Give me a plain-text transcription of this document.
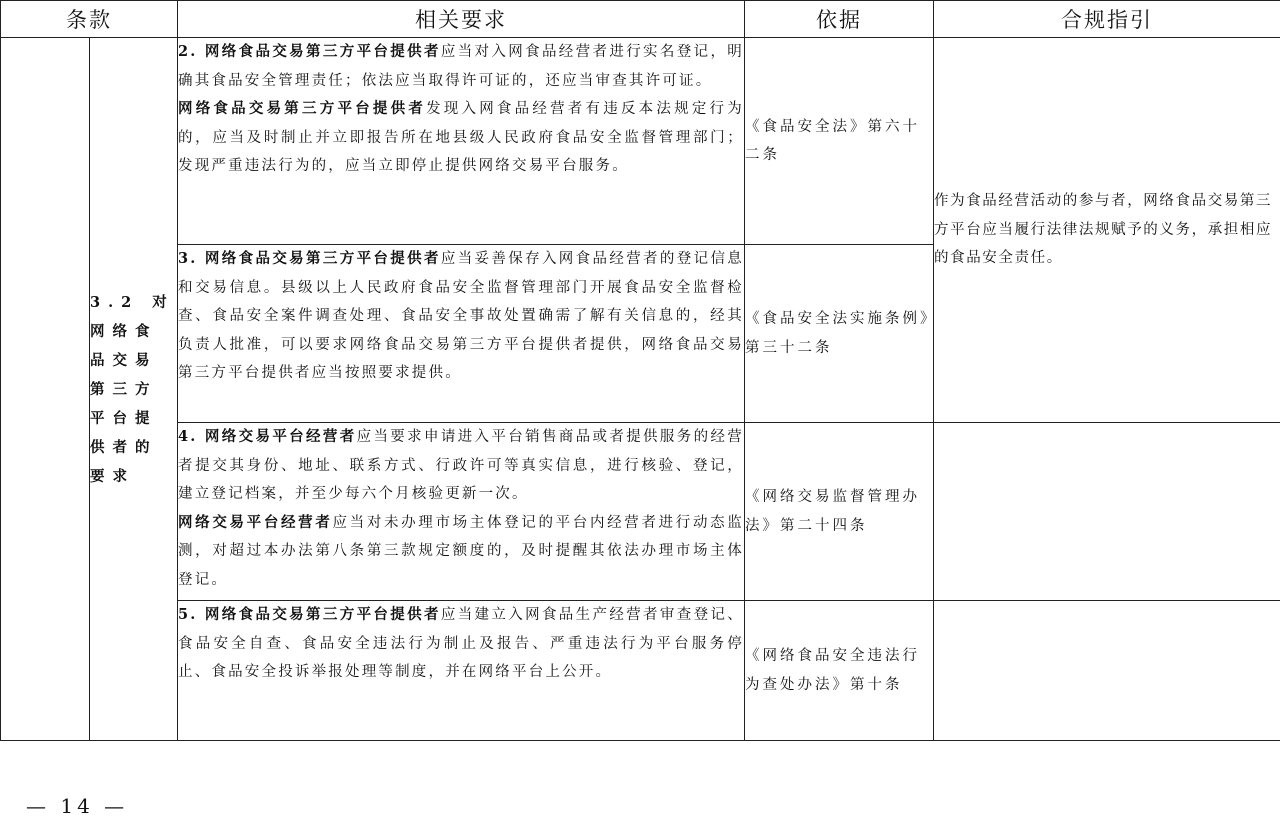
条款		相关要求	依据	合规指引
	3.2 对网络食品交易第三方平台提供者的要求	2. 网络食品交易第三方平台提供者应当对入网食品经营者进行实名登记，明确其食品安全管理责任；依法应当取得许可证的，还应当审查其许可证。

网络食品交易第三方平台提供者发现入网食品经营者有违反本法规定行为的，应当及时制止并立即报告所在地县级人民政府食品安全监督管理部门；发现严重违法行为的，应当立即停止提供网络交易平台服务。	《食品安全法》第六十二条	作为食品经营活动的参与者，网络食品交易第三方平台应当履行法律法规赋予的义务，承担相应的食品安全责任。

		3. 网络食品交易第三方平台提供者应当妥善保存入网食品经营者的登记信息和交易信息。县级以上人民政府食品安全监督管理部门开展食品安全监督检查、食品安全案件调查处理、食品安全事故处置确需了解有关信息的，经其负责人批准，可以要求网络食品交易第三方平台提供者提供，网络食品交易第三方平台提供者应当按照要求提供。	《食品安全法实施条例》第三十二条	

		4. 网络交易平台经营者应当要求申请进入平台销售商品或者提供服务的经营者提交其身份、地址、联系方式、行政许可等真实信息，进行核验、登记，建立登记档案，并至少每六个月核验更新一次。

网络交易平台经营者应当对未办理市场主体登记的平台内经营者进行动态监测，对超过本办法第八条第三款规定额度的，及时提醒其依法办理市场主体登记。	《网络交易监督管理办法》第二十四条	

		5. 网络食品交易第三方平台提供者应当建立入网食品生产经营者审查登记、食品安全自查、食品安全违法行为制止及报告、严重违法行为平台服务停止、食品安全投诉举报处理等制度，并在网络平台上公开。	《网络食品安全违法行为查处办法》第十条	
— 14 —
